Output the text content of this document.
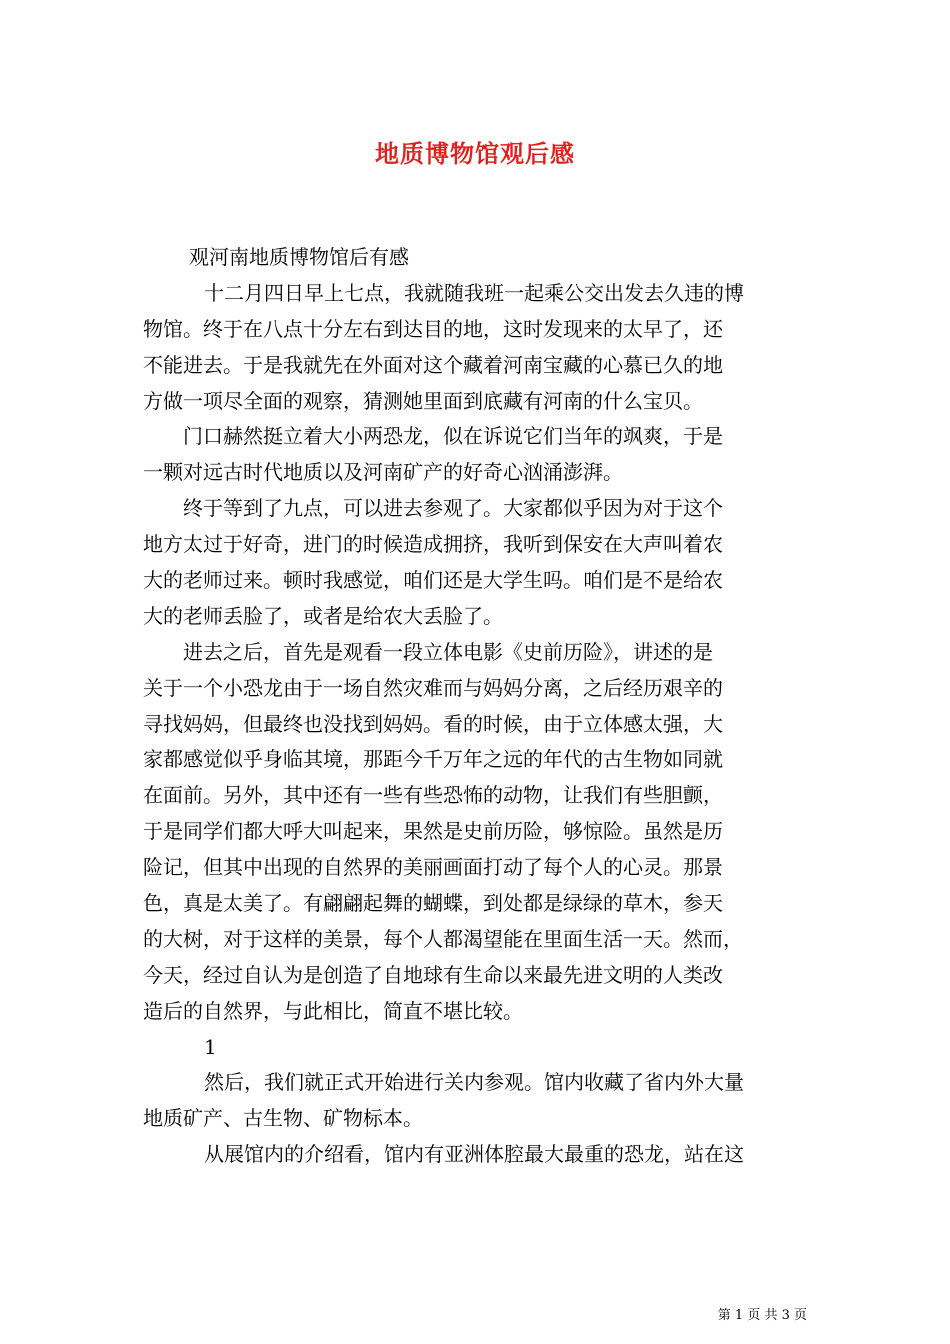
地质博物馆观后感
观河南地质博物馆后有感
十二月四日早上七点，我就随我班一起乘公交出发去久违的博
物馆。终于在八点十分左右到达目的地，这时发现来的太早了，还
不能进去。于是我就先在外面对这个藏着河南宝藏的心慕已久的地
方做一项尽全面的观察，猜测她里面到底藏有河南的什么宝贝。
门口赫然挺立着大小两恐龙，似在诉说它们当年的飒爽，于是
一颗对远古时代地质以及河南矿产的好奇心汹涌澎湃。
终于等到了九点，可以进去参观了。大家都似乎因为对于这个
地方太过于好奇，进门的时候造成拥挤，我听到保安在大声叫着农
大的老师过来。顿时我感觉，咱们还是大学生吗。咱们是不是给农
大的老师丢脸了，或者是给农大丢脸了。
进去之后，首先是观看一段立体电影《史前历险》，讲述的是
关于一个小恐龙由于一场自然灾难而与妈妈分离，之后经历艰辛的
寻找妈妈，但最终也没找到妈妈。看的时候，由于立体感太强，大
家都感觉似乎身临其境，那距今千万年之远的年代的古生物如同就
在面前。另外，其中还有一些有些恐怖的动物，让我们有些胆颤，
于是同学们都大呼大叫起来，果然是史前历险，够惊险。虽然是历
险记，但其中出现的自然界的美丽画面打动了每个人的心灵。那景
色，真是太美了。有翩翩起舞的蝴蝶，到处都是绿绿的草木，参天
的大树，对于这样的美景，每个人都渴望能在里面生活一天。然而，
今天，经过自认为是创造了自地球有生命以来最先进文明的人类改
造后的自然界，与此相比，简直不堪比较。
1
然后，我们就正式开始进行关内参观。馆内收藏了省内外大量
地质矿产、古生物、矿物标本。
从展馆内的介绍看，馆内有亚洲体腔最大最重的恐龙，站在这
第 1 页 共 3 页
